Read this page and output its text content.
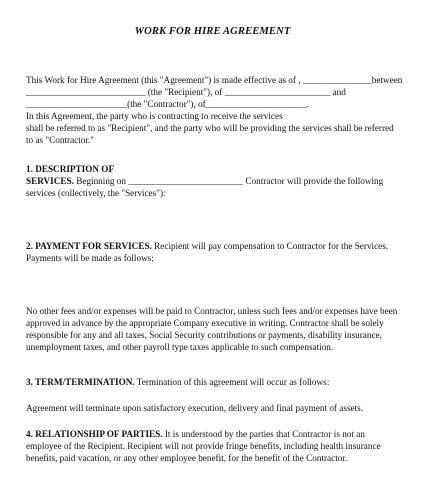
WORK FOR HIRE AGREEMENT
This Work for Hire Agreement (this "Agreement") is made effective as of , _______________between
__________________________ (the "Recipient"), of _______________________ and
______________________(the "Contractor"), of______________________.
In this Agreement, the party who is contracting to receive the services
shall be referred to as "Recipient", and the party who will be providing the services shall be referred
to as "Contractor."
1. DESCRIPTION OF
SERVICES. Beginning on _________________________ Contractor will provide the following
services (collectively, the "Services"):
2. PAYMENT FOR SERVICES. Recipient will pay compensation to Contractor for the Services.
Payments will be made as follows:
No other fees and/or expenses will be paid to Contractor, unless such fees and/or expenses have been
approved in advance by the appropriate Company executive in writing. Contractor shall be solely
responsible for any and all taxes, Social Security contributions or payments, disability insurance,
unemployment taxes, and other payroll type taxes applicable to such compensation.
3. TERM/TERMINATION. Termination of this agreement will occur as follows:
Agreement will terminate upon satisfactory execution, delivery and final payment of assets.
4. RELATIONSHIP OF PARTIES. It is understood by the parties that Contractor is not an
employee of the Recipient. Recipient will not provide fringe benefits, including health insurance
benefits, paid vacation, or any other employee benefit, for the benefit of the Contractor.
